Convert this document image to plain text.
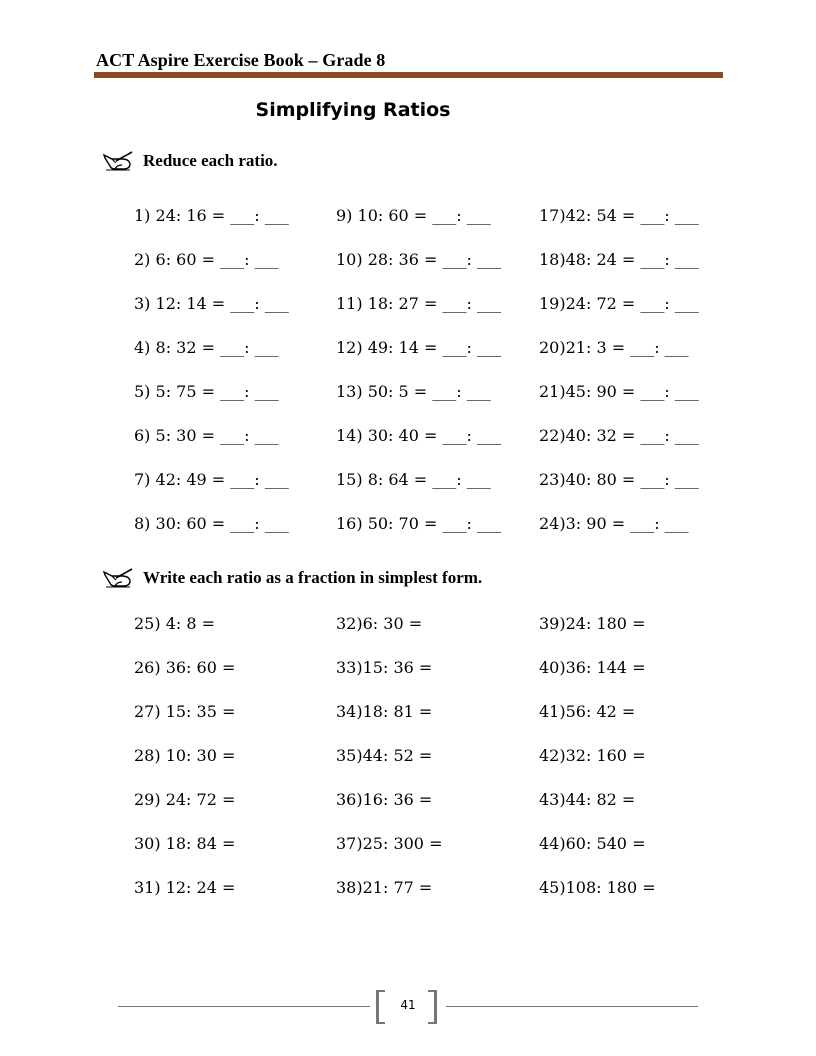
ACT Aspire Exercise Book – Grade 8
Simplifying Ratios
Reduce each ratio.
1) 24: 16 = ___: ___	9) 10: 60 = ___: ___	17)42: 54 = ___: ___
2) 6: 60 = ___: ___	10) 28: 36 = ___: ___ 18)48: 24 = ___: ___
3) 12: 14 = ___: ___	11) 18: 27 = ___: ___ 19)24: 72 = ___: ___
4) 8: 32 = ___: ___	12) 49: 14 = ___: ___ 20)21: 3 = ___: ___
5) 5: 75 = ___: ___	13) 50: 5 = ___: ___	21)45: 90 = ___: ___
6) 5: 30 = ___: ___	14) 30: 40 = ___: ___ 22)40: 32 = ___: ___
7) 42: 49 = ___: ___	15) 8: 64 = ___: ___	23)40: 80 = ___: ___
8) 30: 60 = ___: ___	16) 50: 70 = ___: ___ 24)3: 90 = ___: ___
Write each ratio as a fraction in simplest form.
25) 4: 8 =	32)6: 30 =	39)24: 180 =
26) 36: 60 =	33)15: 36 =	40)36: 144 =
27) 15: 35 =	34)18: 81 =	41)56: 42 =
28) 10: 30 =	35)44: 52 =	42)32: 160 =
29) 24: 72 =	36)16: 36 =	43)44: 82 =
30) 18: 84 =	37)25: 300 =	44)60: 540 =
31) 12: 24 =	38)21: 77 =	45)108: 180 =
41
